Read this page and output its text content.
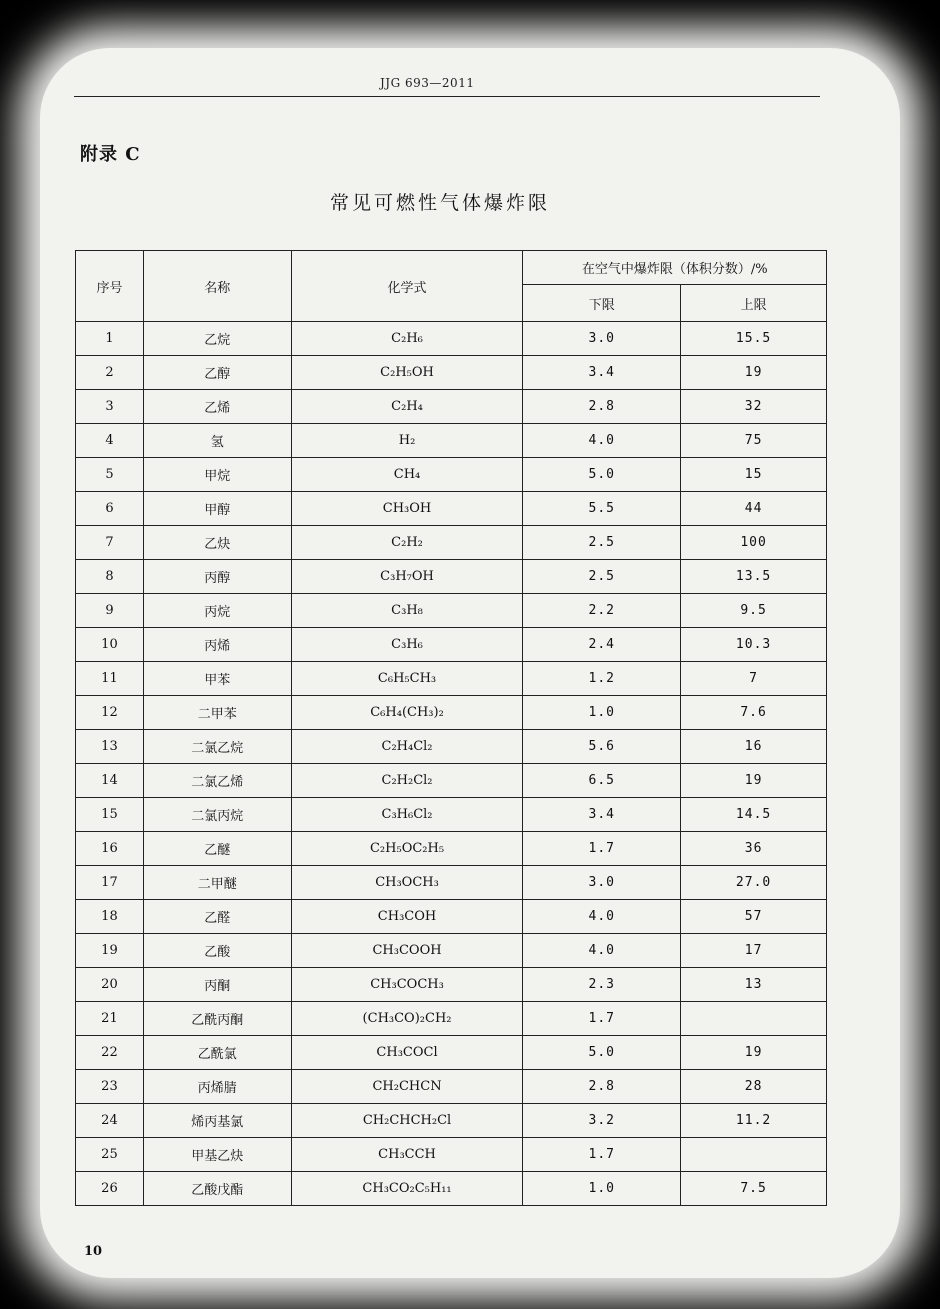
JJG 693—2011
附录 C
常见可燃性气体爆炸限
序号	名称	化学式	在空气中爆炸限（体积分数）/%	
			下限	上限
1	乙烷	C₂H₆	3.0	15.5
2	乙醇	C₂H₅OH	3.4	19
3	乙烯	C₂H₄	2.8	32
4	氢	H₂	4.0	75
5	甲烷	CH₄	5.0	15
6	甲醇	CH₃OH	5.5	44
7	乙炔	C₂H₂	2.5	100
8	丙醇	C₃H₇OH	2.5	13.5
9	丙烷	C₃H₈	2.2	9.5
10	丙烯	C₃H₆	2.4	10.3
11	甲苯	C₆H₅CH₃	1.2	7
12	二甲苯	C₆H₄(CH₃)₂	1.0	7.6
13	二氯乙烷	C₂H₄Cl₂	5.6	16
14	二氯乙烯	C₂H₂Cl₂	6.5	19
15	二氯丙烷	C₃H₆Cl₂	3.4	14.5
16	乙醚	C₂H₅OC₂H₅	1.7	36
17	二甲醚	CH₃OCH₃	3.0	27.0
18	乙醛	CH₃COH	4.0	57
19	乙酸	CH₃COOH	4.0	17
20	丙酮	CH₃COCH₃	2.3	13
21	乙酰丙酮	(CH₃CO)₂CH₂	1.7	
22	乙酰氯	CH₃COCl	5.0	19
23	丙烯腈	CH₂CHCN	2.8	28
24	烯丙基氯	CH₂CHCH₂Cl	3.2	11.2
25	甲基乙炔	CH₃CCH	1.7	
26	乙酸戊酯	CH₃CO₂C₅H₁₁	1.0	7.5
10
